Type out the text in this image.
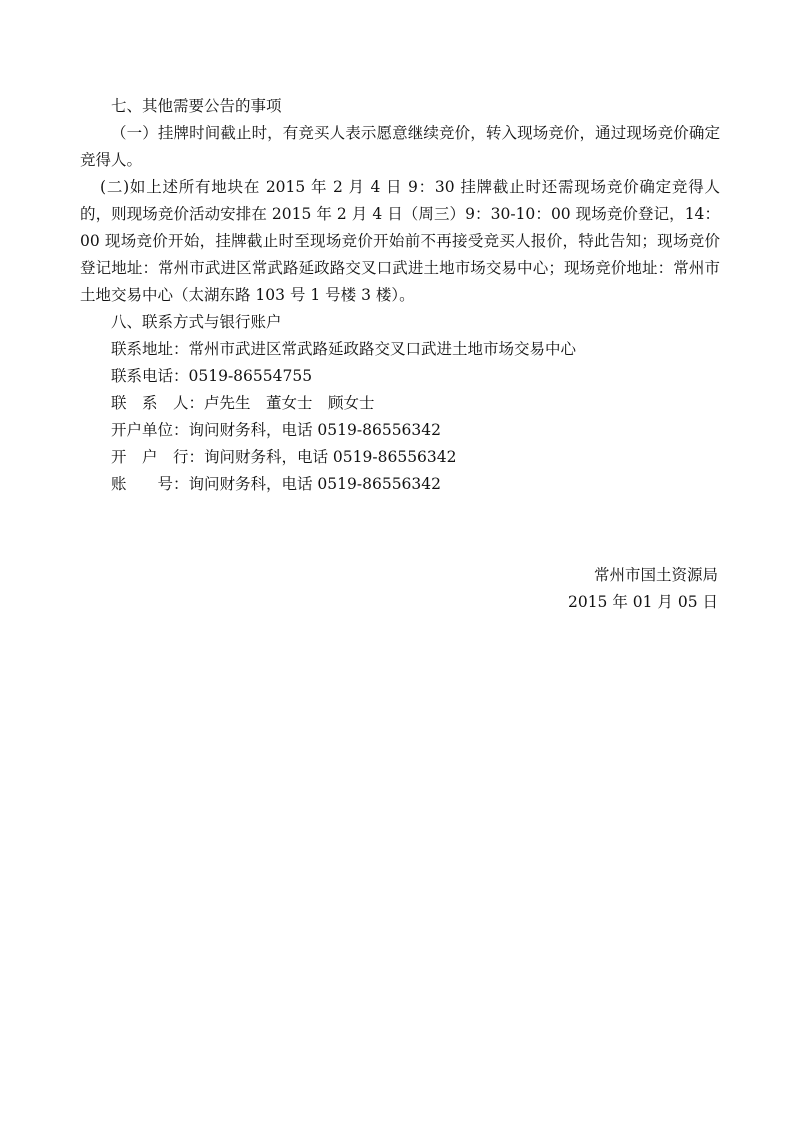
七、其他需要公告的事项
（一）挂牌时间截止时，有竞买人表示愿意继续竞价，转入现场竞价，通过现场竞价确定竞得人。
(二)如上述所有地块在 2015 年 2 月 4 日 9：30 挂牌截止时还需现场竞价确定竞得人的，则现场竞价活动安排在 2015 年 2 月 4 日（周三）9：30-10：00 现场竞价登记，14：00 现场竞价开始，挂牌截止时至现场竞价开始前不再接受竞买人报价，特此告知；现场竞价登记地址：常州市武进区常武路延政路交叉口武进土地市场交易中心；现场竞价地址：常州市土地交易中心（太湖东路 103 号 1 号楼 3 楼）。
八、联系方式与银行账户
联系地址：常州市武进区常武路延政路交叉口武进土地市场交易中心
联系电话：0519-86554755
联　系　人：卢先生　董女士　顾女士
开户单位：询问财务科，电话 0519-86556342
开　户　行：询问财务科，电话 0519-86556342
账　　号：询问财务科，电话 0519-86556342
常州市国土资源局
2015 年 01 月 05 日
